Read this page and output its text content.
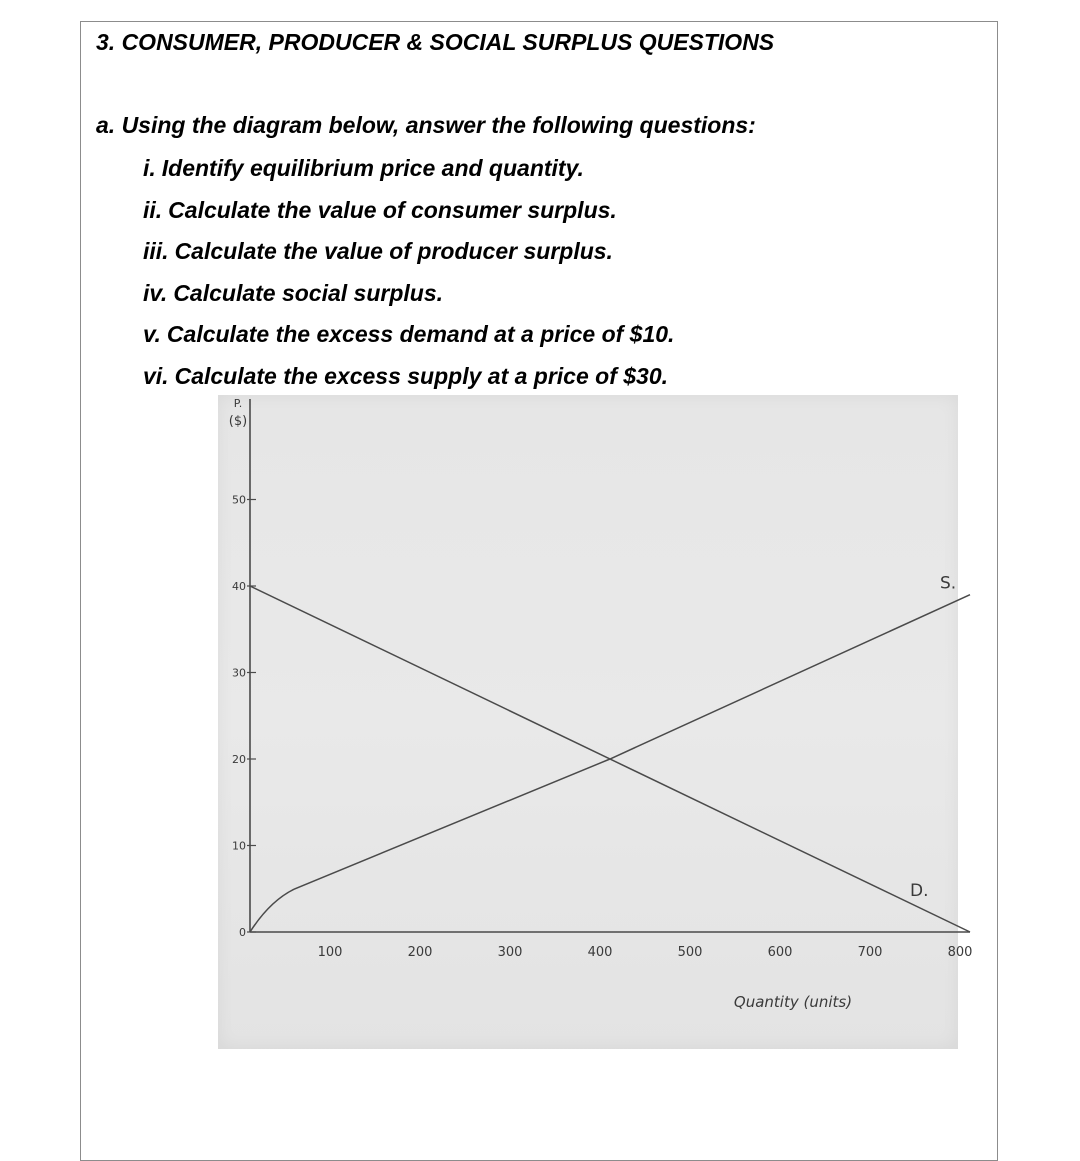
3. CONSUMER, PRODUCER & SOCIAL SURPLUS QUESTIONS
a. Using the diagram below, answer the following questions:
i. Identify equilibrium price and quantity.
ii. Calculate the value of consumer surplus.
iii. Calculate the value of producer surplus.
iv. Calculate social surplus.
v. Calculate the excess demand at a price of $10.
vi. Calculate the excess supply at a price of $30.
0
10
20
30
40
50
100	200	300	400	500	600	700	800
P.
($)
Quantity (units)
D.
S.
